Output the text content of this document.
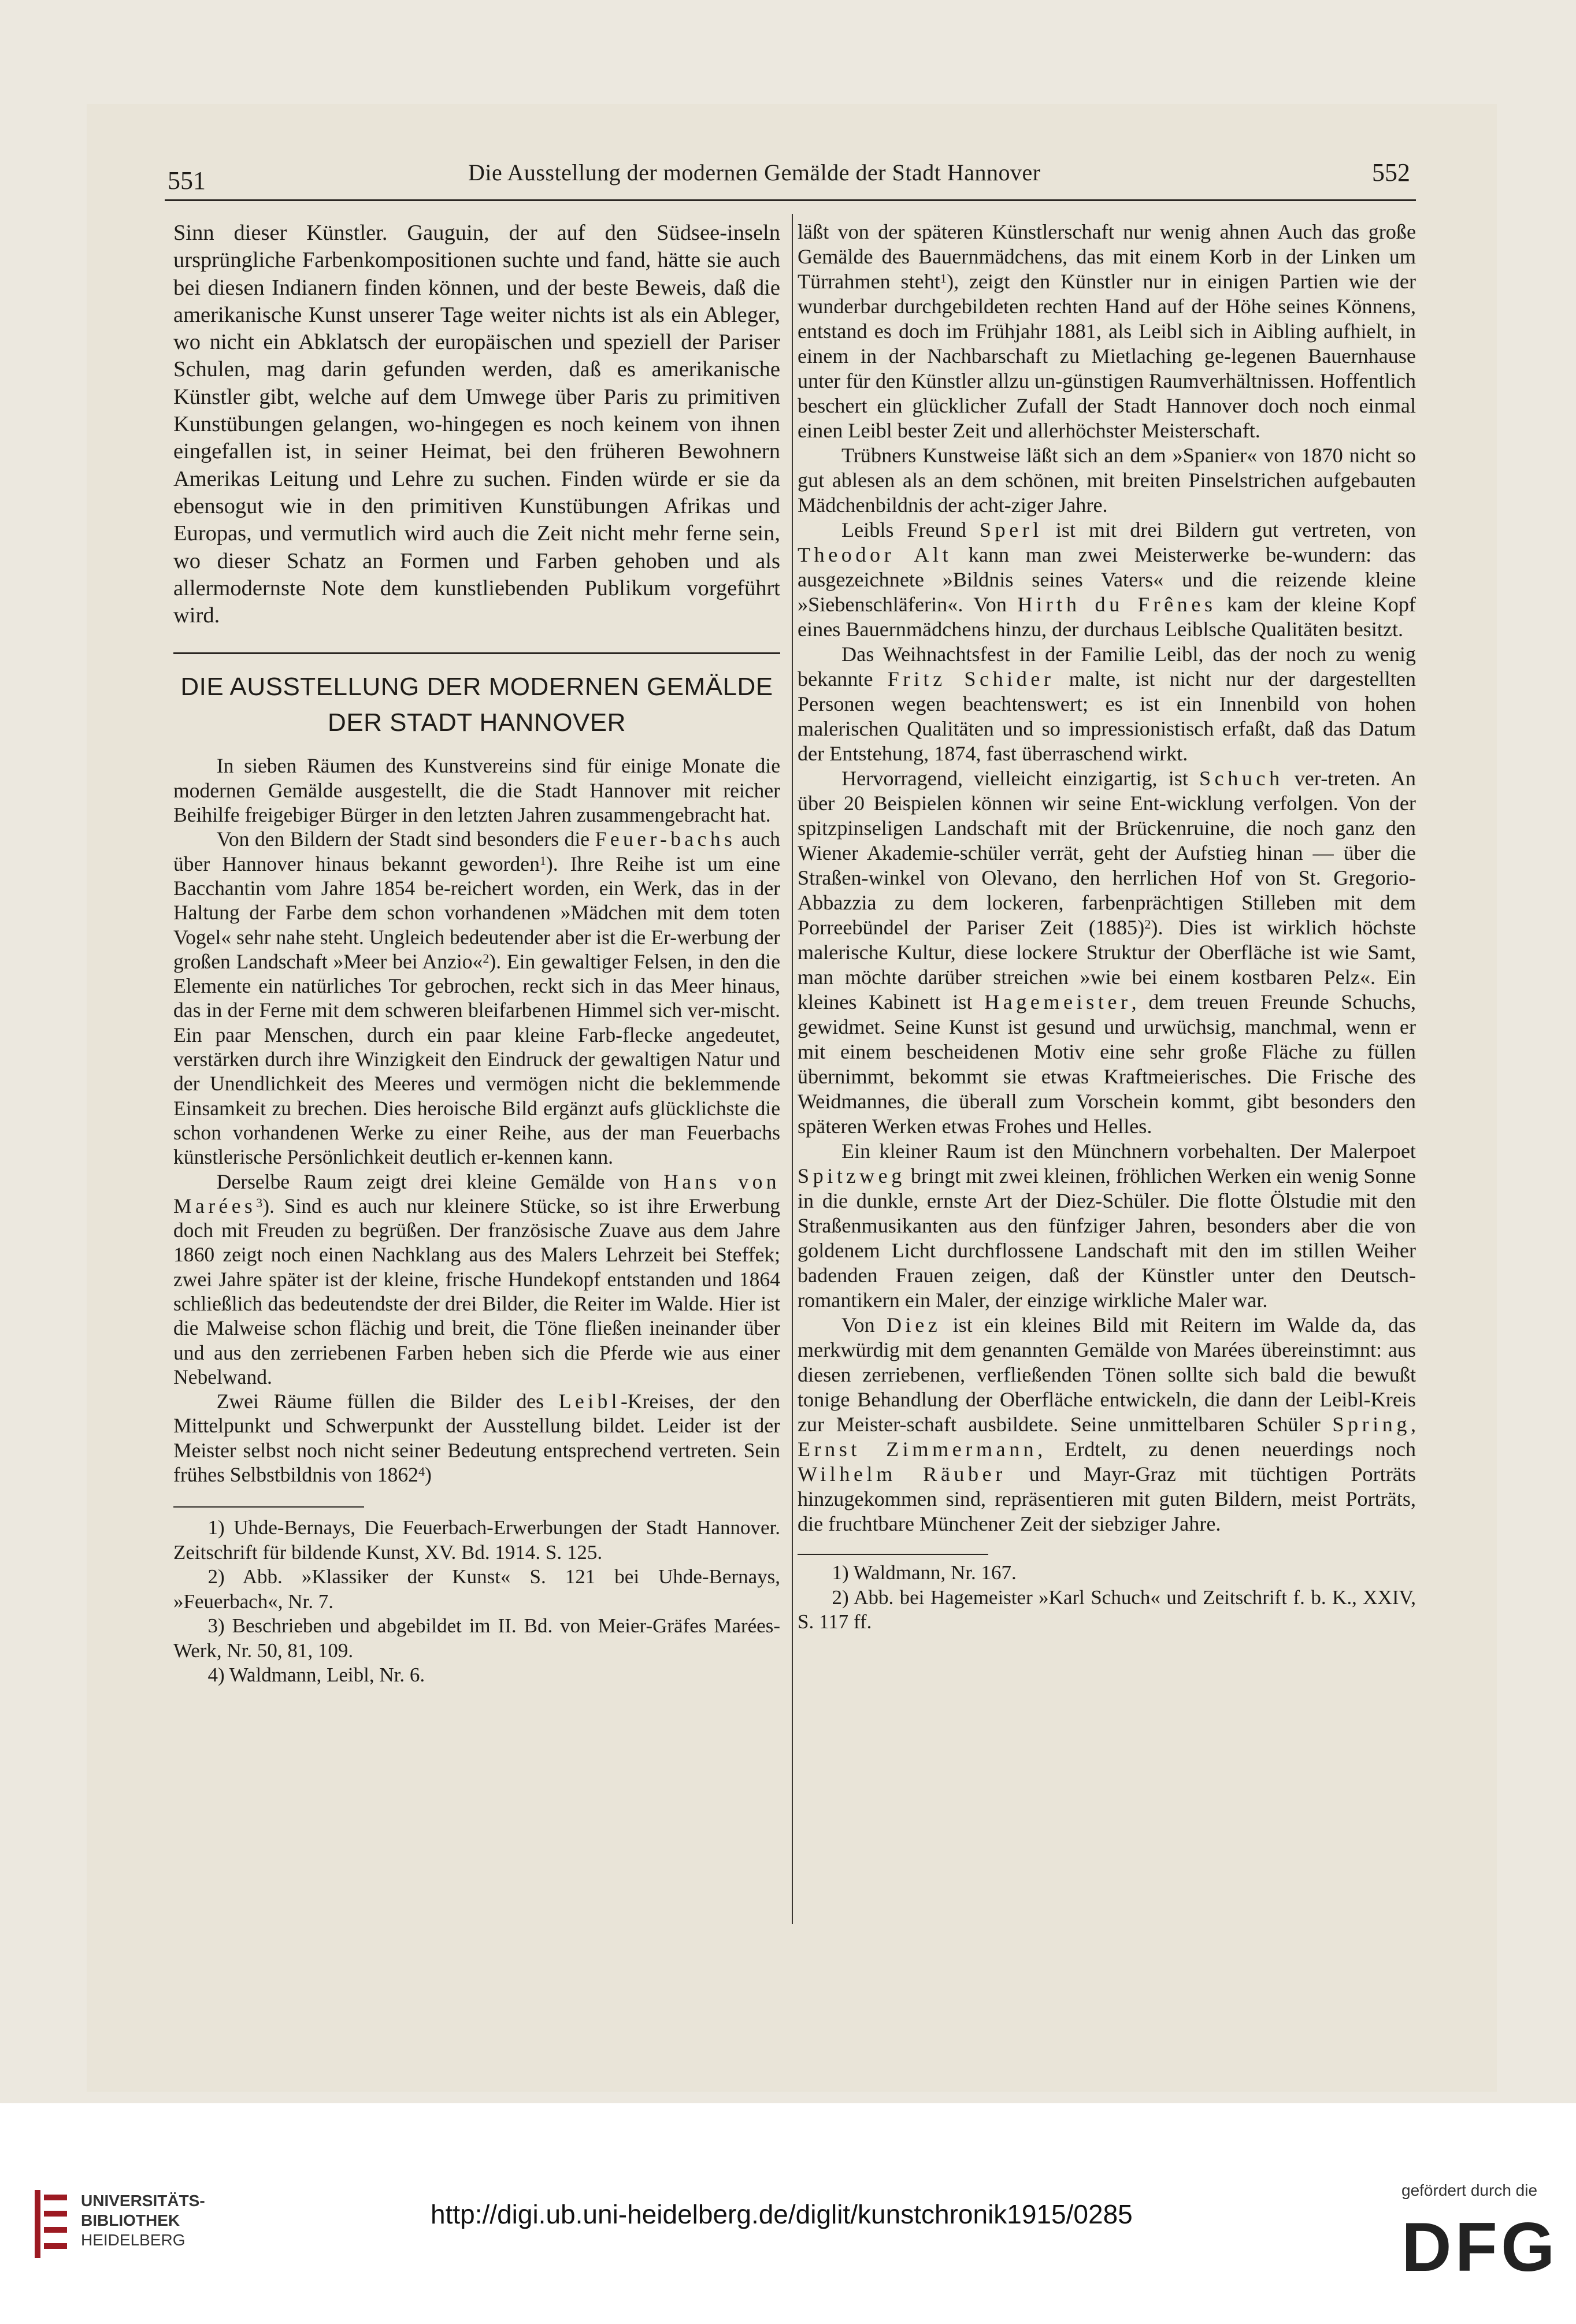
551	Die Ausstellung der modernen Gemälde der Stadt Hannover	552

Sinn dieser Künstler. Gauguin, der auf den Südsee-inseln ursprüngliche Farbenkompositionen suchte und fand, hätte sie auch bei diesen Indianern finden können, und der beste Beweis, daß die amerikanische Kunst unserer Tage weiter nichts ist als ein Ableger, wo nicht ein Abklatsch der europäischen und speziell der Pariser Schulen, mag darin gefunden werden, daß es amerikanische Künstler gibt, welche auf dem Umwege über Paris zu primitiven Kunstübungen gelangen, wo-hingegen es noch keinem von ihnen eingefallen ist, in seiner Heimat, bei den früheren Bewohnern Amerikas Leitung und Lehre zu suchen. Finden würde er sie da ebensogut wie in den primitiven Kunstübungen Afrikas und Europas, und vermutlich wird auch die Zeit nicht mehr ferne sein, wo dieser Schatz an Formen und Farben gehoben und als allermodernste Note dem kunstliebenden Publikum vorgeführt wird.

DIE AUSSTELLUNG DER MODERNEN GEMÄLDE
DER STADT HANNOVER

In sieben Räumen des Kunstvereins sind für einige Monate die modernen Gemälde ausgestellt, die die Stadt Hannover mit reicher Beihilfe freigebiger Bürger in den letzten Jahren zusammengebracht hat.

Von den Bildern der Stadt sind besonders die Feuer-bachs auch über Hannover hinaus bekannt geworden$^1$). Ihre Reihe ist um eine Bacchantin vom Jahre 1854 be-reichert worden, ein Werk, das in der Haltung der Farbe dem schon vorhandenen »Mädchen mit dem toten Vogel« sehr nahe steht. Ungleich bedeutender aber ist die Er-werbung der großen Landschaft »Meer bei Anzio«$^2$). Ein gewaltiger Felsen, in den die Elemente ein natürliches Tor gebrochen, reckt sich in das Meer hinaus, das in der Ferne mit dem schweren bleifarbenen Himmel sich ver-mischt. Ein paar Menschen, durch ein paar kleine Farb-flecke angedeutet, verstärken durch ihre Winzigkeit den Eindruck der gewaltigen Natur und der Unendlichkeit des Meeres und vermögen nicht die beklemmende Einsamkeit zu brechen. Dies heroische Bild ergänzt aufs glücklichste die schon vorhandenen Werke zu einer Reihe, aus der man Feuerbachs künstlerische Persönlichkeit deutlich er-kennen kann.

Derselbe Raum zeigt drei kleine Gemälde von Hans von Marées$^3$). Sind es auch nur kleinere Stücke, so ist ihre Erwerbung doch mit Freuden zu begrüßen. Der französische Zuave aus dem Jahre 1860 zeigt noch einen Nachklang aus des Malers Lehrzeit bei Steffek; zwei Jahre später ist der kleine, frische Hundekopf entstanden und 1864 schließlich das bedeutendste der drei Bilder, die Reiter im Walde. Hier ist die Malweise schon flächig und breit, die Töne fließen ineinander über und aus den zerriebenen Farben heben sich die Pferde wie aus einer Nebelwand.

Zwei Räume füllen die Bilder des Leibl-Kreises, der den Mittelpunkt und Schwerpunkt der Ausstellung bildet. Leider ist der Meister selbst noch nicht seiner Bedeutung entsprechend vertreten. Sein frühes Selbstbildnis von 1862$^4$)

1) Uhde-Bernays, Die Feuerbach-Erwerbungen der Stadt Hannover. Zeitschrift für bildende Kunst, XV. Bd. 1914. S. 125.

2) Abb. »Klassiker der Kunst« S. 121 bei Uhde-Bernays, »Feuerbach«, Nr. 7.

3) Beschrieben und abgebildet im II. Bd. von Meier-Gräfes Marées-Werk, Nr. 50, 81, 109.

4) Waldmann, Leibl, Nr. 6.

läßt von der späteren Künstlerschaft nur wenig ahnen Auch das große Gemälde des Bauernmädchens, das mit einem Korb in der Linken um Türrahmen steht$^1$), zeigt den Künstler nur in einigen Partien wie der wunderbar durchgebildeten rechten Hand auf der Höhe seines Könnens, entstand es doch im Frühjahr 1881, als Leibl sich in Aibling aufhielt, in einem in der Nachbarschaft zu Mietlaching ge-legenen Bauernhause unter für den Künstler allzu un-günstigen Raumverhältnissen. Hoffentlich beschert ein glücklicher Zufall der Stadt Hannover doch noch einmal einen Leibl bester Zeit und allerhöchster Meisterschaft.

Trübners Kunstweise läßt sich an dem »Spanier« von 1870 nicht so gut ablesen als an dem schönen, mit breiten Pinselstrichen aufgebauten Mädchenbildnis der acht-ziger Jahre.

Leibls Freund Sperl ist mit drei Bildern gut vertreten, von Theodor Alt kann man zwei Meisterwerke be-wundern: das ausgezeichnete »Bildnis seines Vaters« und die reizende kleine »Siebenschläferin«. Von Hirth du Frênes kam der kleine Kopf eines Bauernmädchens hinzu, der durchaus Leiblsche Qualitäten besitzt.

Das Weihnachtsfest in der Familie Leibl, das der noch zu wenig bekannte Fritz Schider malte, ist nicht nur der dargestellten Personen wegen beachtenswert; es ist ein Innenbild von hohen malerischen Qualitäten und so impressionistisch erfaßt, daß das Datum der Entstehung, 1874, fast überraschend wirkt.

Hervorragend, vielleicht einzigartig, ist Schuch ver-treten. An über 20 Beispielen können wir seine Ent-wicklung verfolgen. Von der spitzpinseligen Landschaft mit der Brückenruine, die noch ganz den Wiener Akademie-schüler verrät, geht der Aufstieg hinan — über die Straßen-winkel von Olevano, den herrlichen Hof von St. Gregorio-Abbazzia zu dem lockeren, farbenprächtigen Stilleben mit dem Porreebündel der Pariser Zeit $(1885)^2$). Dies ist wirklich höchste malerische Kultur, diese lockere Struktur der Oberfläche ist wie Samt, man möchte darüber streichen »wie bei einem kostbaren Pelz«. Ein kleines Kabinett ist Hagemeister, dem treuen Freunde Schuchs, gewidmet. Seine Kunst ist gesund und urwüchsig, manchmal, wenn er mit einem bescheidenen Motiv eine sehr große Fläche zu füllen übernimmt, bekommt sie etwas Kraftmeierisches. Die Frische des Weidmannes, die überall zum Vorschein kommt, gibt besonders den späteren Werken etwas Frohes und Helles.

Ein kleiner Raum ist den Münchnern vorbehalten. Der Malerpoet Spitzweg bringt mit zwei kleinen, fröhlichen Werken ein wenig Sonne in die dunkle, ernste Art der Diez-Schüler. Die flotte Ölstudie mit den Straßenmusikanten aus den fünfziger Jahren, besonders aber die von goldenem Licht durchflossene Landschaft mit den im stillen Weiher badenden Frauen zeigen, daß der Künstler unter den Deutsch-romantikern ein Maler, der einzige wirkliche Maler war.

Von Diez ist ein kleines Bild mit Reitern im Walde da, das merkwürdig mit dem genannten Gemälde von Marées übereinstimnt: aus diesen zerriebenen, verfließenden Tönen sollte sich bald die bewußt tonige Behandlung der Oberfläche entwickeln, die dann der Leibl-Kreis zur Meister-schaft ausbildete. Seine unmittelbaren Schüler Spring, Ernst Zimmermann, Erdtelt, zu denen neuerdings noch Wilhelm Räuber und Mayr-Graz mit tüchtigen Porträts hinzugekommen sind, repräsentieren mit guten Bildern, meist Porträts, die fruchtbare Münchener Zeit der siebziger Jahre.

1) Waldmann, Nr. 167.

2) Abb. bei Hagemeister »Karl Schuch« und Zeitschrift f. b. K., XXIV, S. 117 ff.

UNIVERSITÄTS-
BIBLIOTHEK
HEIDELBERG
http://digi.ub.uni-heidelberg.de/diglit/kunstchronik1915/0285
gefördert durch die
DFG
